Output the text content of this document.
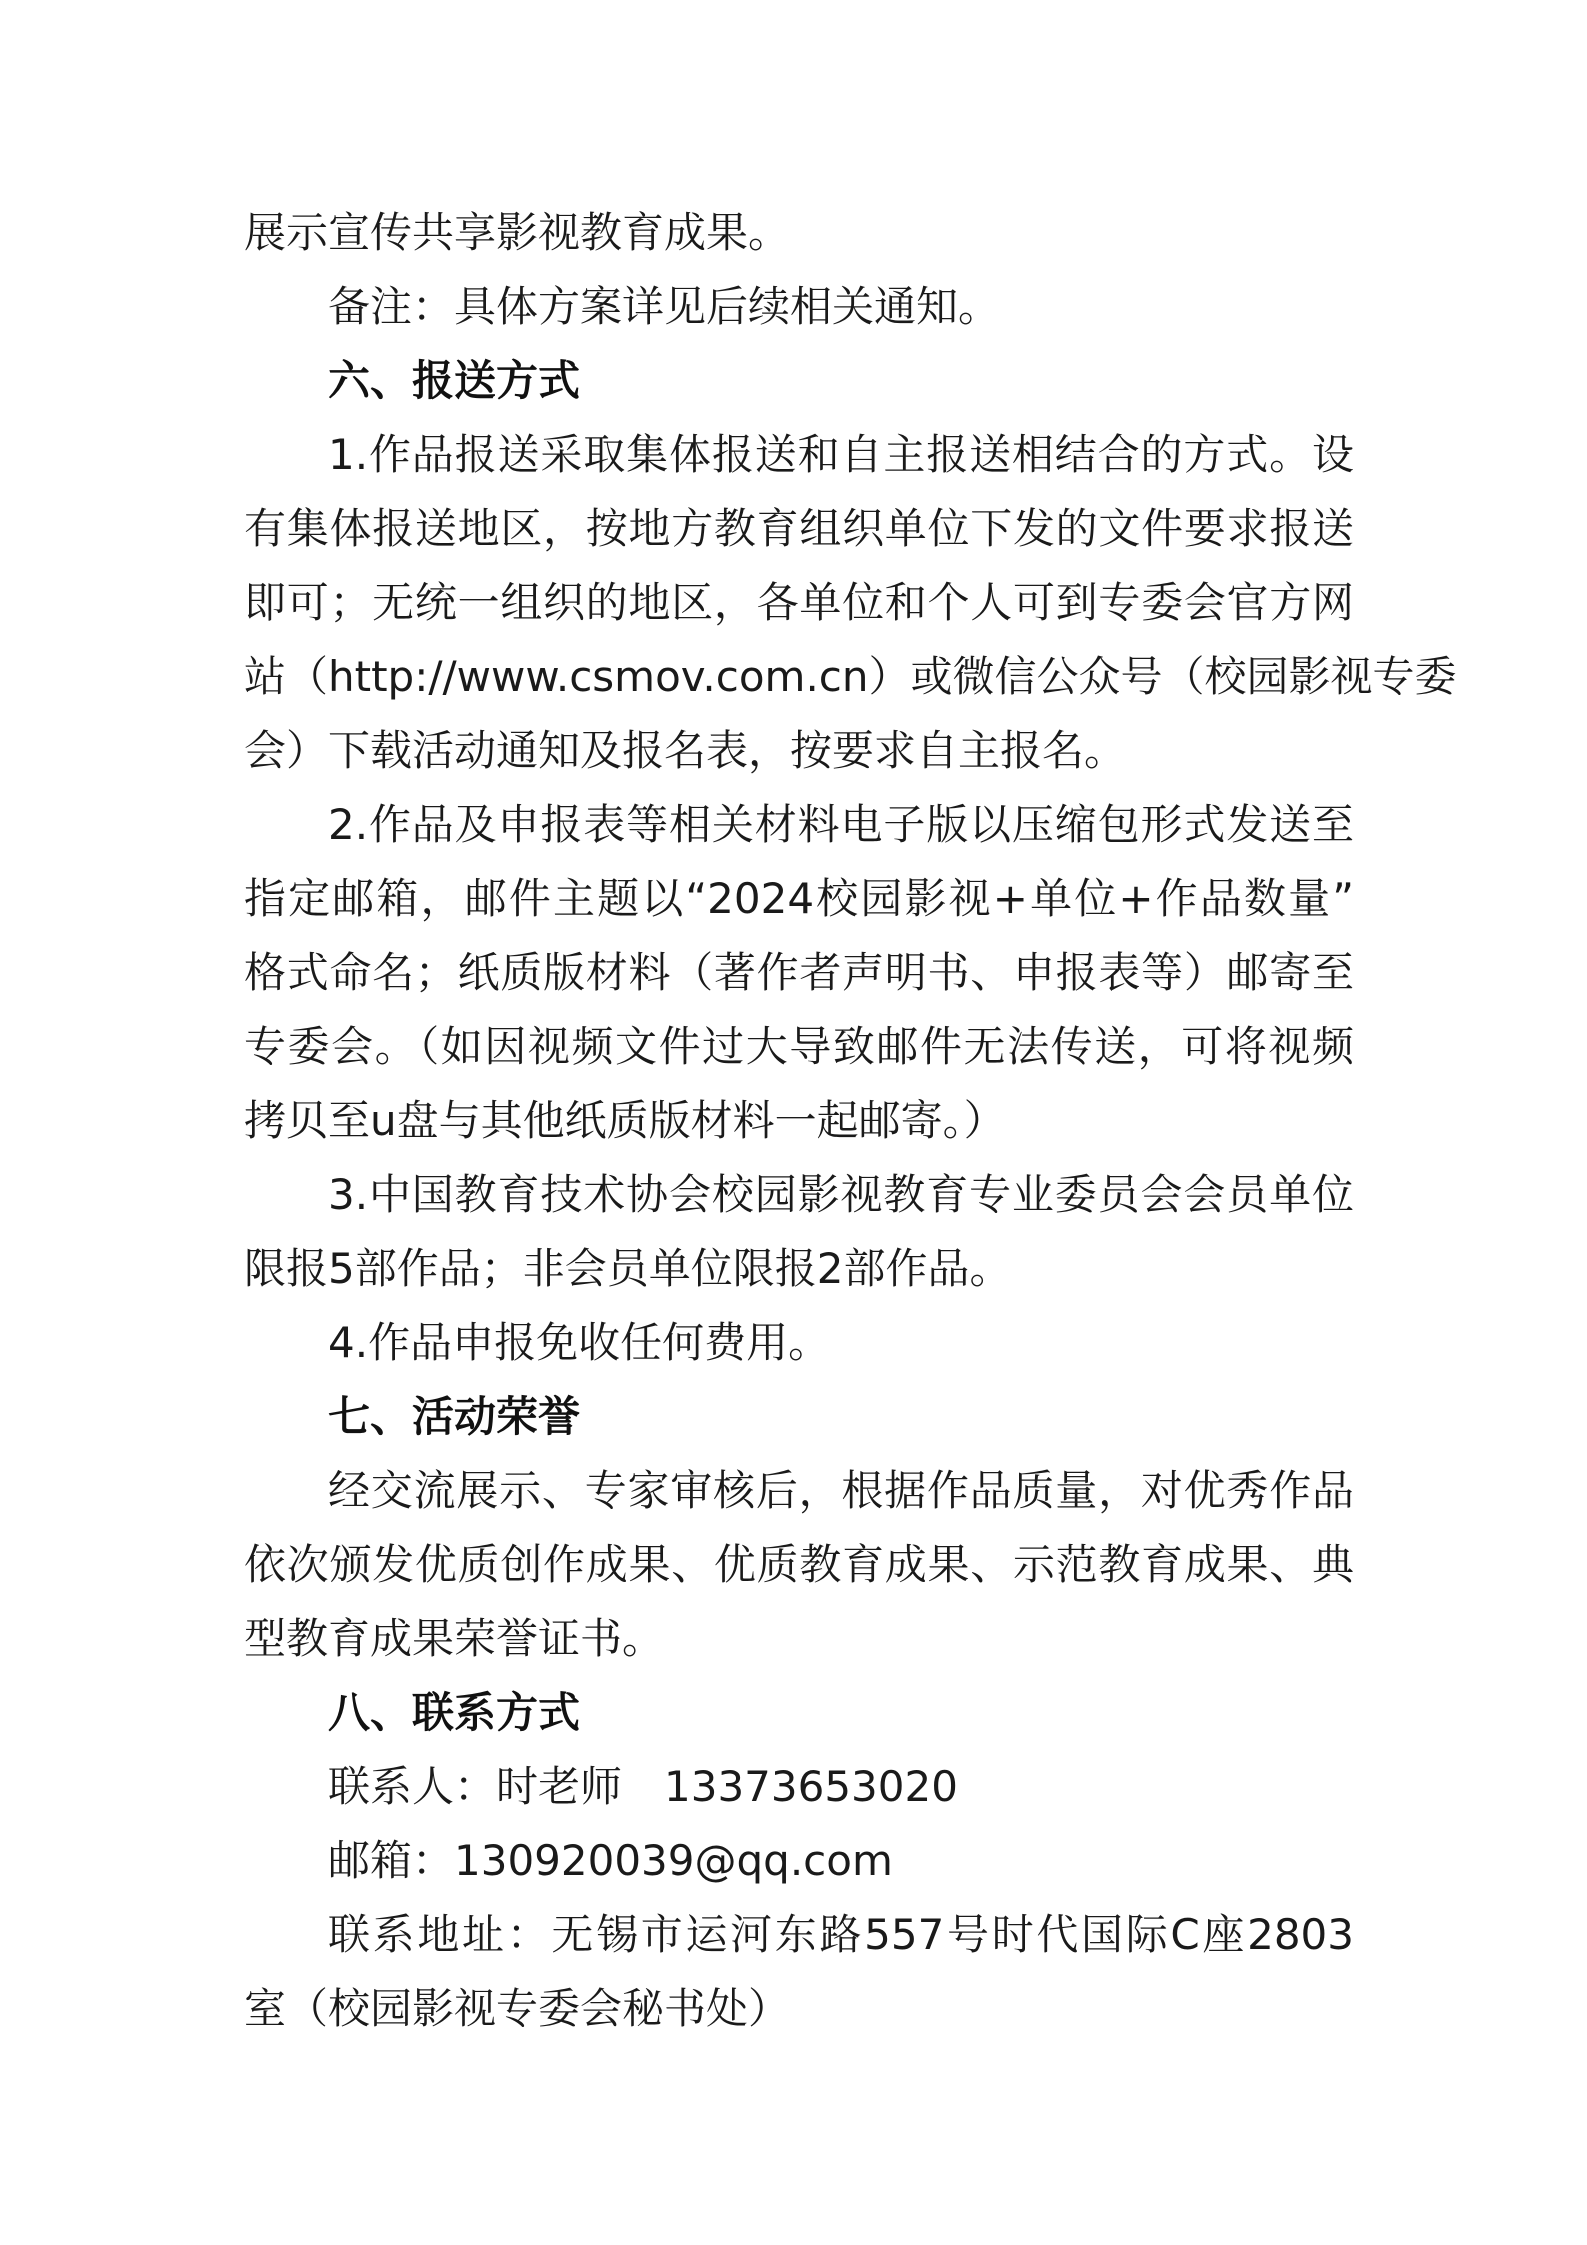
展示宣传共享影视教育成果。
备注：具体方案详见后续相关通知。
六、报送方式
1.作品报送采取集体报送和自主报送相结合的方式。设
有集体报送地区，按地方教育组织单位下发的文件要求报送
即可；无统一组织的地区，各单位和个人可到专委会官方网
站（http://www.csmov.com.cn）或微信公众号（校园影视专委
会）下载活动通知及报名表，按要求自主报名。
2.作品及申报表等相关材料电子版以压缩包形式发送至
指定邮箱，邮件主题以“2024校园影视+单位+作品数量”
格式命名；纸质版材料（著作者声明书、申报表等）邮寄至
专委会。（如因视频文件过大导致邮件无法传送，可将视频
拷贝至u盘与其他纸质版材料一起邮寄。）
3.中国教育技术协会校园影视教育专业委员会会员单位
限报5部作品；非会员单位限报2部作品。
4.作品申报免收任何费用。
七、活动荣誉
经交流展示、专家审核后，根据作品质量，对优秀作品
依次颁发优质创作成果、优质教育成果、示范教育成果、典
型教育成果荣誉证书。
八、联系方式
联系人：时老师　13373653020
邮箱：130920039@qq.com
联系地址：无锡市运河东路557号时代国际C座2803
室（校园影视专委会秘书处）
